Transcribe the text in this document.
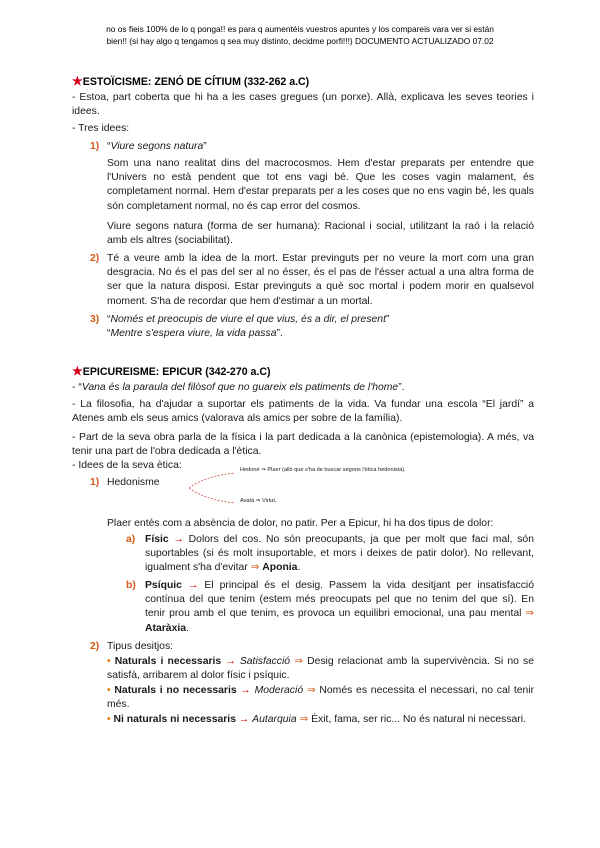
no os fieis 100% de lo q ponga!! es para q aumentéis vuestros apuntes y los compareis vara ver si están
bien!! (si hay algo q tengamos q sea muy distinto, decidme porfi!!!) DOCUMENTO ACTUALIZADO 07.02
★ESTOÏCISME: ZENÓ DE CÍTIUM (332-262 a.C)
- Estoa, part coberta que hi ha a les cases gregues (un porxe). Allà, explicava les seves teories i idees.
- Tres idees:
1) “Viure segons natura”
Som una nano realitat dins del macrocosmos. Hem d'estar preparats per entendre que l'Univers no està pendent que tot ens vagi bé. Que les coses vagin malament, és completament normal. Hem d'estar preparats per a les coses que no ens vagin bé, les quals són completament normal, no és cap error del cosmos.
Viure segons natura (forma de ser humana): Racional i social, utilitzant la raó i la relació amb els altres (sociabilitat).
2) Té a veure amb la idea de la mort. Estar previnguts per no veure la mort com una gran desgracia. No és el pas del ser al no ésser, és el pas de l'ésser actual a una altra forma de ser que la natura disposi. Estar previnguts a què soc mortal i podem morir en qualsevol moment. S'ha de recordar que hem d'estimar a un mortal.
3) “Només et preocupis de viure el que vius, és a dir, el present”
“Mentre s'espera viure, la vida passa”.
★EPICUREISME: EPICUR (342-270 a.C)
- “Vana és la paraula del filòsof que no guareix els patiments de l'home”.
- La filosofia, ha d'ajudar a suportar els patiments de la vida. Va fundar una escola “El jardí” a Atenes amb els seus amics (valorava als amics per sobre de la família).
- Part de la seva obra parla de la física i la part dedicada a la canònica (epistemologia). A més, va tenir una part de l'obra dedicada a l'ètica.
- Idees de la seva ètica:
1) Hedonisme
Hedoné ⇒ Plaer (allò que s'ha de buscar segons l'ètica hedonista).
Avatà ⇒ Virtut.
Plaer entès com a absència de dolor, no patir. Per a Epicur, hi ha dos tipus de dolor:
a) Físic → Dolors del cos. No són preocupants, ja que per molt que faci mal, són suportables (si és molt insuportable, et mors i deixes de patir dolor). No rellevant, igualment s'ha d'evitar ⇒ Aponia.
b) Psíquic → El principal és el desig. Passem la vida desitjant per insatisfacció contínua del que tenim (estem més preocupats pel que no tenim del que sí). En tenir prou amb el que tenim, es provoca un equilibri emocional, una pau mental ⇒ Ataràxia.
2) Tipus desitjos:
• Naturals i necessaris → Satisfacció ⇒ Desig relacionat amb la supervivència. Si no se satisfà, arribarem al dolor físic i psíquic.
• Naturals i no necessaris → Moderació ⇒ Només es necessita el necessari, no cal tenir més.
• Ni naturals ni necessaris → Autarquia ⇒ Èxit, fama, ser ric... No és natural ni necessari.
